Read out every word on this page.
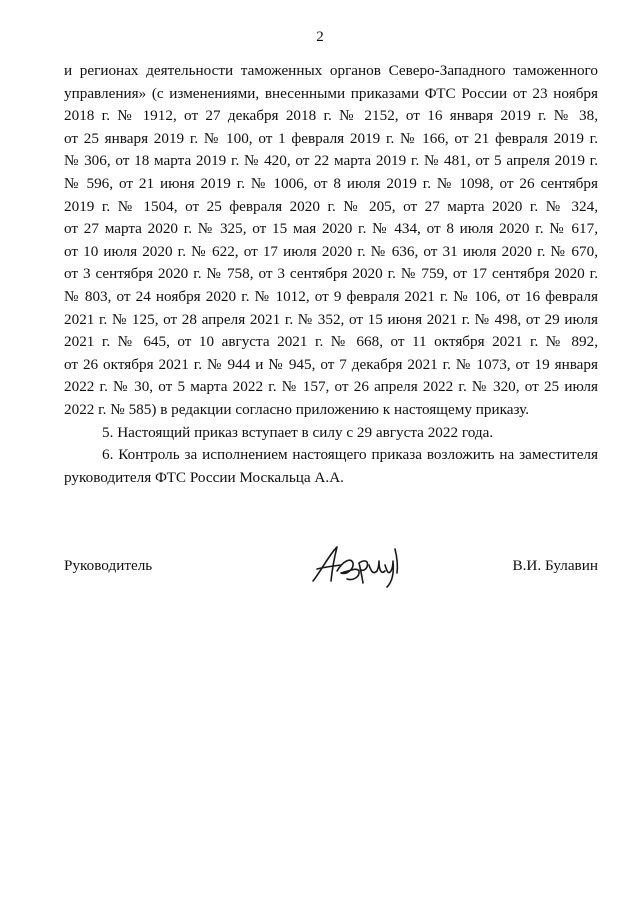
2
и регионах деятельности таможенных органов Северо-Западного таможенного
управления» (с изменениями, внесенными приказами ФТС России от 23 ноября
2018 г. № 1912, от 27 декабря 2018 г. № 2152, от 16 января 2019 г. № 38,
от 25 января 2019 г. № 100, от 1 февраля 2019 г. № 166, от 21 февраля 2019 г.
№ 306, от 18 марта 2019 г. № 420, от 22 марта 2019 г. № 481, от 5 апреля 2019 г.
№ 596, от 21 июня 2019 г. № 1006, от 8 июля 2019 г. № 1098, от 26 сентября
2019 г. № 1504, от 25 февраля 2020 г. № 205, от 27 марта 2020 г. № 324,
от 27 марта 2020 г. № 325, от 15 мая 2020 г. № 434, от 8 июля 2020 г. № 617,
от 10 июля 2020 г. № 622, от 17 июля 2020 г. № 636, от 31 июля 2020 г. № 670,
от 3 сентября 2020 г. № 758, от 3 сентября 2020 г. № 759, от 17 сентября 2020 г.
№ 803, от 24 ноября 2020 г. № 1012, от 9 февраля 2021 г. № 106, от 16 февраля
2021 г. № 125, от 28 апреля 2021 г. № 352, от 15 июня 2021 г. № 498, от 29 июля
2021 г. № 645, от 10 августа 2021 г. № 668, от 11 октября 2021 г. № 892,
от 26 октября 2021 г. № 944 и № 945, от 7 декабря 2021 г. № 1073, от 19 января
2022 г. № 30, от 5 марта 2022 г. № 157, от 26 апреля 2022 г. № 320, от 25 июля
2022 г. № 585) в редакции согласно приложению к настоящему приказу.
5. Настоящий приказ вступает в силу с 29 августа 2022 года.
6. Контроль за исполнением настоящего приказа возложить на заместителя
руководителя ФТС России Москальца А.А.
Руководитель	В.И. Булавин
